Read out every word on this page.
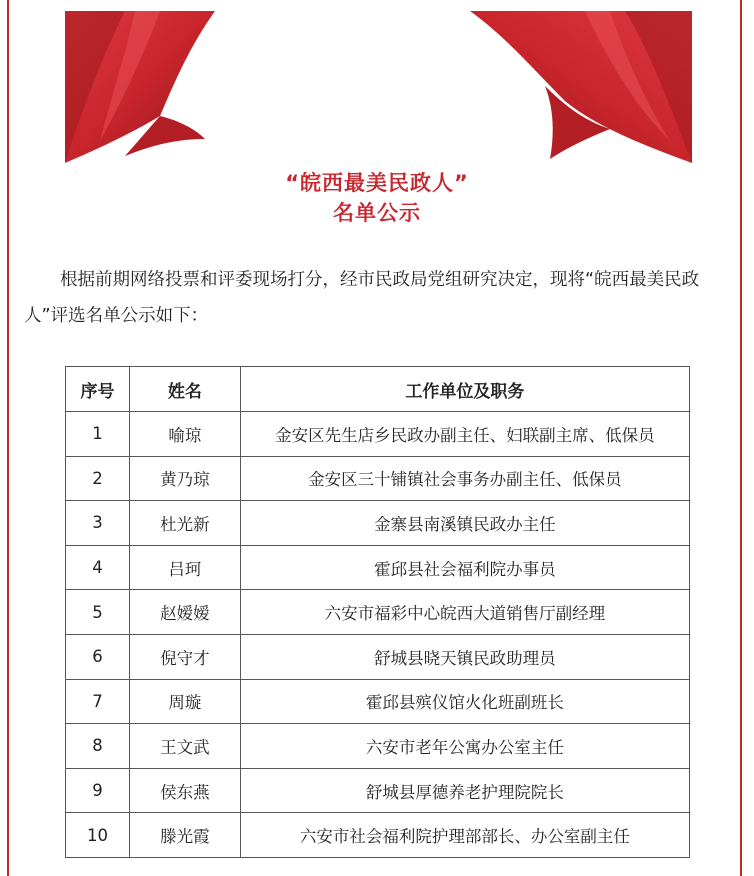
“皖西最美民政人”
名单公示
根据前期网络投票和评委现场打分，经市民政局党组研究决定，现将“皖西最美民政人”评选名单公示如下：
序号	姓名	工作单位及职务
1	喻琼	金安区先生店乡民政办副主任、妇联副主席、低保员
2	黄乃琼	金安区三十铺镇社会事务办副主任、低保员
3	杜光新	金寨县南溪镇民政办主任
4	吕珂	霍邱县社会福利院办事员
5	赵嫒嫒	六安市福彩中心皖西大道销售厅副经理
6	倪守才	舒城县晓天镇民政助理员
7	周璇	霍邱县殡仪馆火化班副班长
8	王文武	六安市老年公寓办公室主任
9	侯东燕	舒城县厚德养老护理院院长
10	滕光霞	六安市社会福利院护理部部长、办公室副主任
